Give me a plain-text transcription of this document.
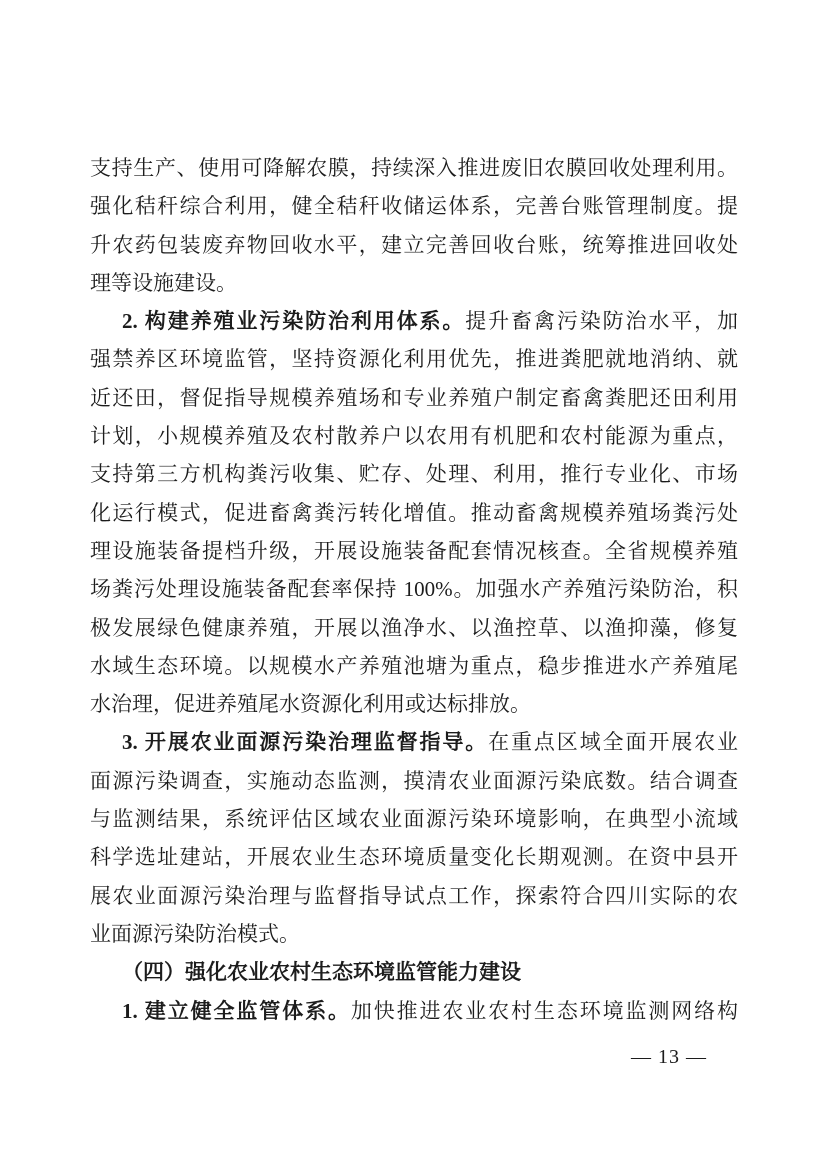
支持生产、使用可降解农膜，持续深入推进废旧农膜回收处理利用。
强化秸秆综合利用，健全秸秆收储运体系，完善台账管理制度。提
升农药包装废弃物回收水平，建立完善回收台账，统筹推进回收处
理等设施建设。
2. 构建养殖业污染防治利用体系。提升畜禽污染防治水平，加
强禁养区环境监管，坚持资源化利用优先，推进粪肥就地消纳、就
近还田，督促指导规模养殖场和专业养殖户制定畜禽粪肥还田利用
计划，小规模养殖及农村散养户以农用有机肥和农村能源为重点，
支持第三方机构粪污收集、贮存、处理、利用，推行专业化、市场
化运行模式，促进畜禽粪污转化增值。推动畜禽规模养殖场粪污处
理设施装备提档升级，开展设施装备配套情况核查。全省规模养殖
场粪污处理设施装备配套率保持 100%。加强水产养殖污染防治，积
极发展绿色健康养殖，开展以渔净水、以渔控草、以渔抑藻，修复
水域生态环境。以规模水产养殖池塘为重点，稳步推进水产养殖尾
水治理，促进养殖尾水资源化利用或达标排放。
3. 开展农业面源污染治理监督指导。在重点区域全面开展农业
面源污染调查，实施动态监测，摸清农业面源污染底数。结合调查
与监测结果，系统评估区域农业面源污染环境影响，在典型小流域
科学选址建站，开展农业生态环境质量变化长期观测。在资中县开
展农业面源污染治理与监督指导试点工作，探索符合四川实际的农
业面源污染防治模式。
（四）强化农业农村生态环境监管能力建设
1. 建立健全监管体系。加快推进农业农村生态环境监测网络构
— 13 —
